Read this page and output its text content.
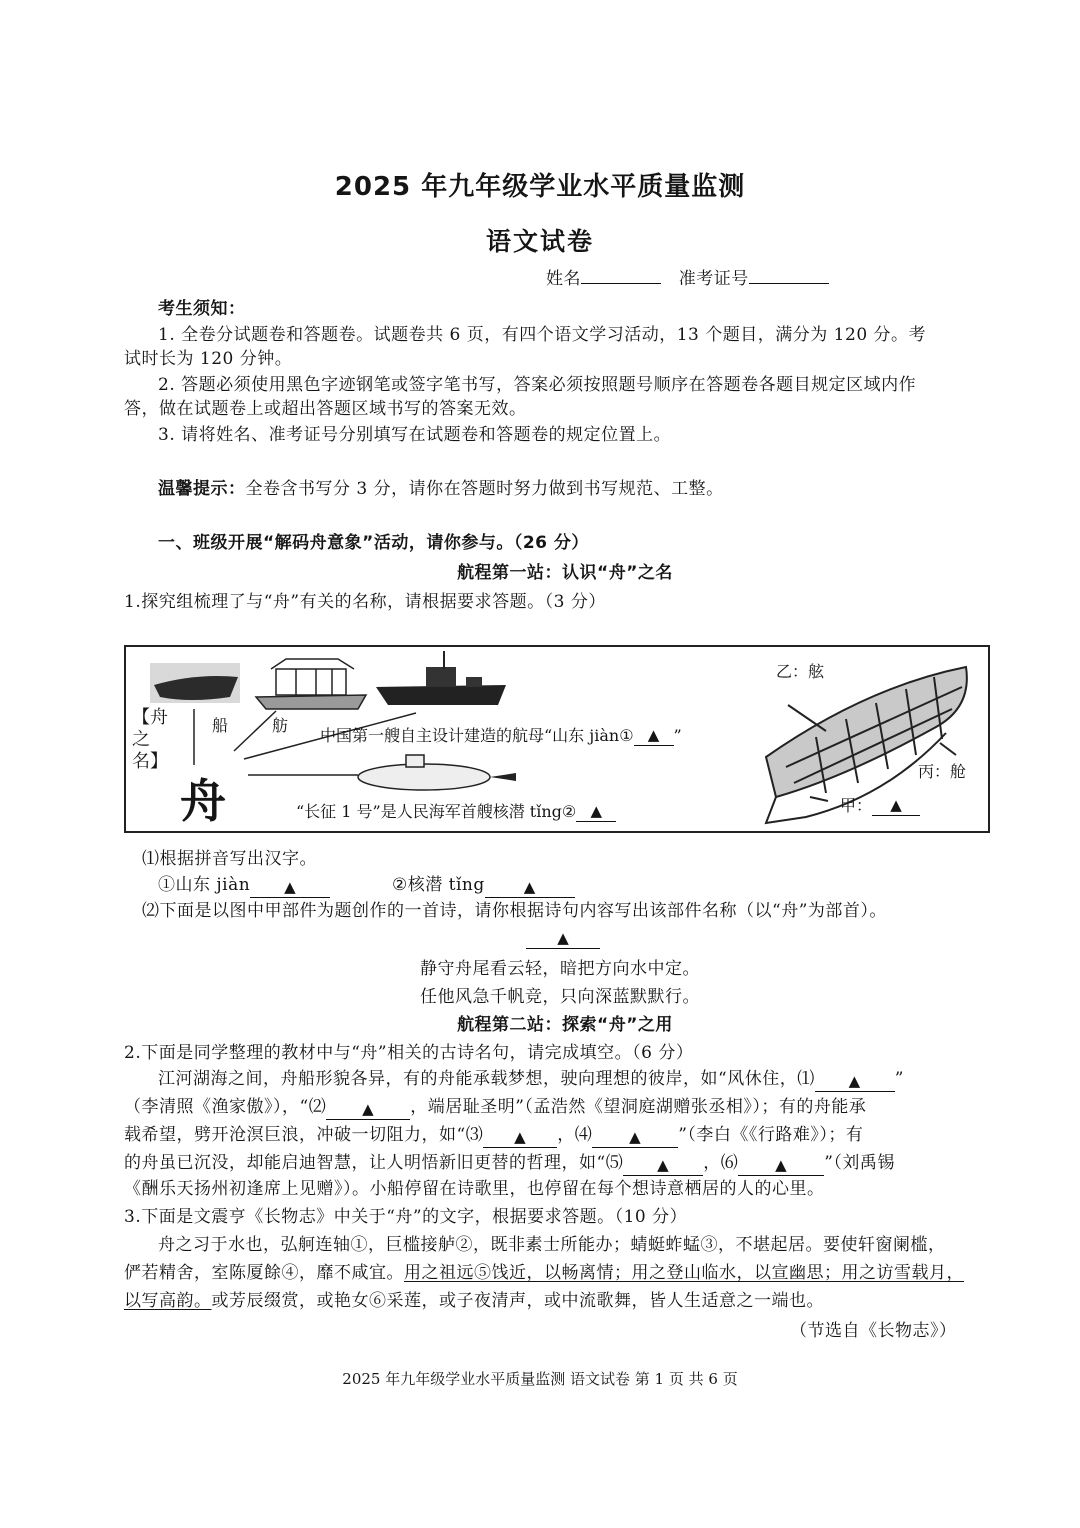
2025 年九年级学业水平质量监测
语文试卷
姓名	准考证号
考生须知：
1. 全卷分试题卷和答题卷。试题卷共 6 页，有四个语文学习活动，13 个题目，满分为 120 分。考
试时长为 120 分钟。
2. 答题必须使用黑色字迹钢笔或签字笔书写，答案必须按照题号顺序在答题卷各题目规定区域内作
答，做在试题卷上或超出答题区域书写的答案无效。
3. 请将姓名、准考证号分别填写在试题卷和答题卷的规定位置上。
温馨提示：全卷含书写分 3 分，请你在答题时努力做到书写规范、工整。
一、班级开展“解码舟意象”活动，请你参与。（26 分）
航程第一站：认识“舟”之名
1.探究组梳理了与“舟”有关的名称，请根据要求答题。（3 分）
【舟之名】
船	舫
中国第一艘自主设计建造的航母“山东 jiàn① ▲ ”
舟	“长征 1 号”是人民海军首艘核潜 tǐng② ▲
乙：舷
丙：舱
甲： ▲
⑴根据拼音写出汉字。
①山东 jiàn ▲	②核潜 tǐng	▲
⑵下面是以图中甲部件为题创作的一首诗，请你根据诗句内容写出该部件名称（以“舟”为部首）。
▲
静守舟尾看云轻，暗把方向水中定。
任他风急千帆竞，只向深蓝默默行。
航程第二站：探索“舟”之用
2.下面是同学整理的教材中与“舟”相关的古诗名句，请完成填空。（6 分）
江河湖海之间，舟船形貌各异，有的舟能承载梦想，驶向理想的彼岸，如“风休住，⑴ ▲ ”
（李清照《渔家傲》），“⑵ ▲ ，端居耻圣明”（孟浩然《望洞庭湖赠张丞相》）；有的舟能承
载希望，劈开沧溟巨浪，冲破一切阻力，如“⑶ ▲ ，⑷ ▲ ”（李白《《行路难》）；有
的舟虽已沉没，却能启迪智慧，让人明悟新旧更替的哲理，如“⑸ ▲ ，⑹ ▲ ”（刘禹锡
《酬乐天扬州初逢席上见赠》）。小船停留在诗歌里，也停留在每个想诗意栖居的人的心里。
3.下面是文震亨《长物志》中关于“舟”的文字，根据要求答题。（10 分）
舟之习于水也，弘舸连轴①，巨槛接舻②，既非素士所能办；蜻蜓蚱蜢③，不堪起居。要使轩窗阑槛，
俨若精舍，室陈厦餘④，靡不咸宜。用之祖远⑤饯近，以畅离情；用之登山临水，以宣幽思；用之访雪载月，
以写高韵。或芳辰缀赏，或艳女⑥采莲，或子夜清声，或中流歌舞，皆人生适意之一端也。
（节选自《长物志》）
2025 年九年级学业水平质量监测 语文试卷 第 1 页 共 6 页
